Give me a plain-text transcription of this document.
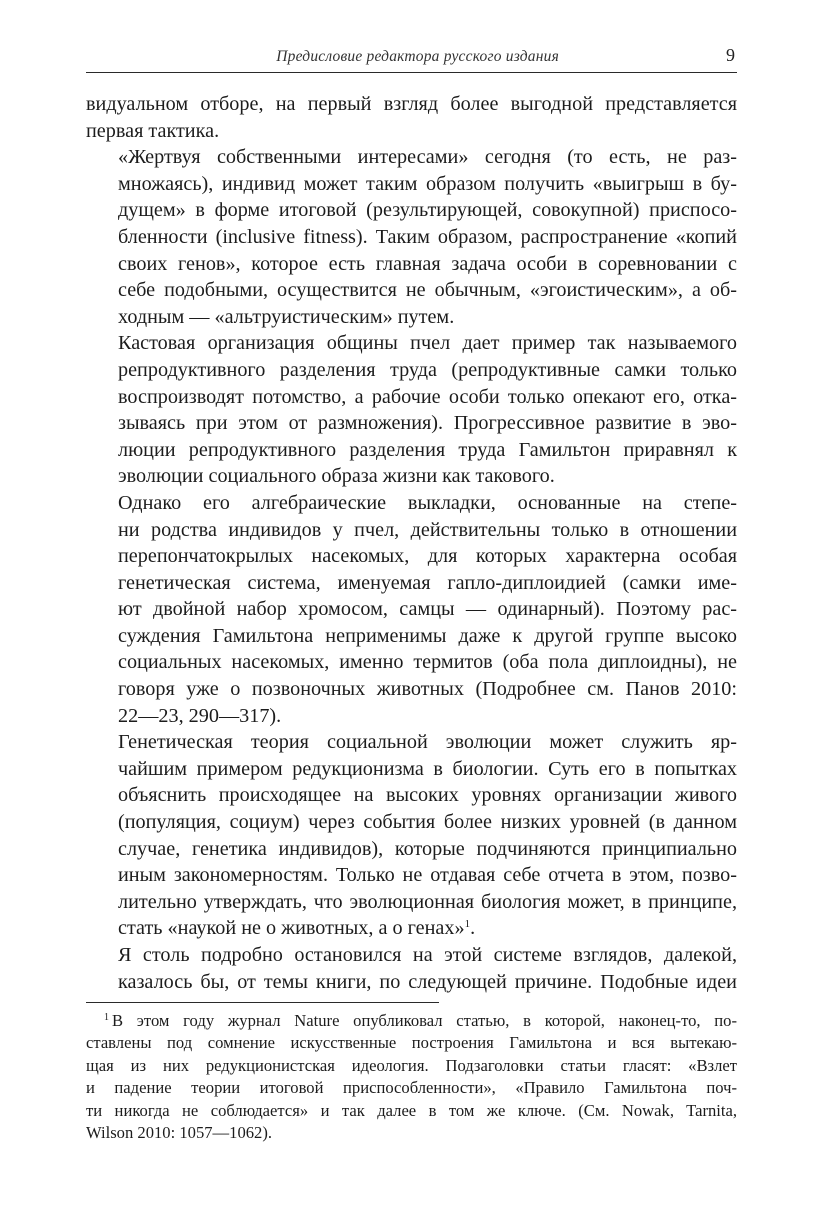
Предисловие редактора русского издания	9

видуальном отборе, на первый взгляд более выгодной представляется
первая тактика.

«Жертвуя собственными интересами» сегодня (то есть, не раз-
множаясь), индивид может таким образом получить «выигрыш в бу-
дущем» в форме итоговой (результирующей, совокупной) приспосо-
бленности (inclusive fitness). Таким образом, распространение «копий
своих генов», которое есть главная задача особи в соревновании с
себе подобными, осуществится не обычным, «эгоистическим», а об-
ходным — «альтруистическим» путем.

Кастовая организация общины пчел дает пример так называемого
репродуктивного разделения труда (репродуктивные самки только
воспроизводят потомство, а рабочие особи только опекают его, отка-
зываясь при этом от размножения). Прогрессивное развитие в эво-
люции репродуктивного разделения труда Гамильтон приравнял к
эволюции социального образа жизни как такового.

Однако его алгебраические выкладки, основанные на степе-
ни родства индивидов у пчел, действительны только в отношении
перепончатокрылых насекомых, для которых характерна особая
генетическая система, именуемая гапло-диплоидией (самки име-
ют двойной набор хромосом, самцы — одинарный). Поэтому рас-
суждения Гамильтона неприменимы даже к другой группе высоко
социальных насекомых, именно термитов (оба пола диплоидны), не
говоря уже о позвоночных животных (Подробнее см. Панов 2010:
22—23, 290—317).

Генетическая теория социальной эволюции может служить яр-
чайшим примером редукционизма в биологии. Суть его в попытках
объяснить происходящее на высоких уровнях организации живого
(популяция, социум) через события более низких уровней (в данном
случае, генетика индивидов), которые подчиняются принципиально
иным закономерностям. Только не отдавая себе отчета в этом, позво-
лительно утверждать, что эволюционная биология может, в принципе,
стать «наукой не о животных, а о генах»$^1$.

Я столь подробно остановился на этой системе взглядов, далекой,
казалось бы, от темы книги, по следующей причине. Подобные идеи

$^1$ В этом году журнал Nature опубликовал статью, в которой, наконец-то, по-
ставлены под сомнение искусственные построения Гамильтона и вся вытекаю-
щая из них редукционистская идеология. Подзаголовки статьи гласят: «Взлет
и падение теории итоговой приспособленности», «Правило Гамильтона поч-
ти никогда не соблюдается» и так далее в том же ключе. (См. Nowak, Tarnita,
Wilson 2010: 1057—1062).
